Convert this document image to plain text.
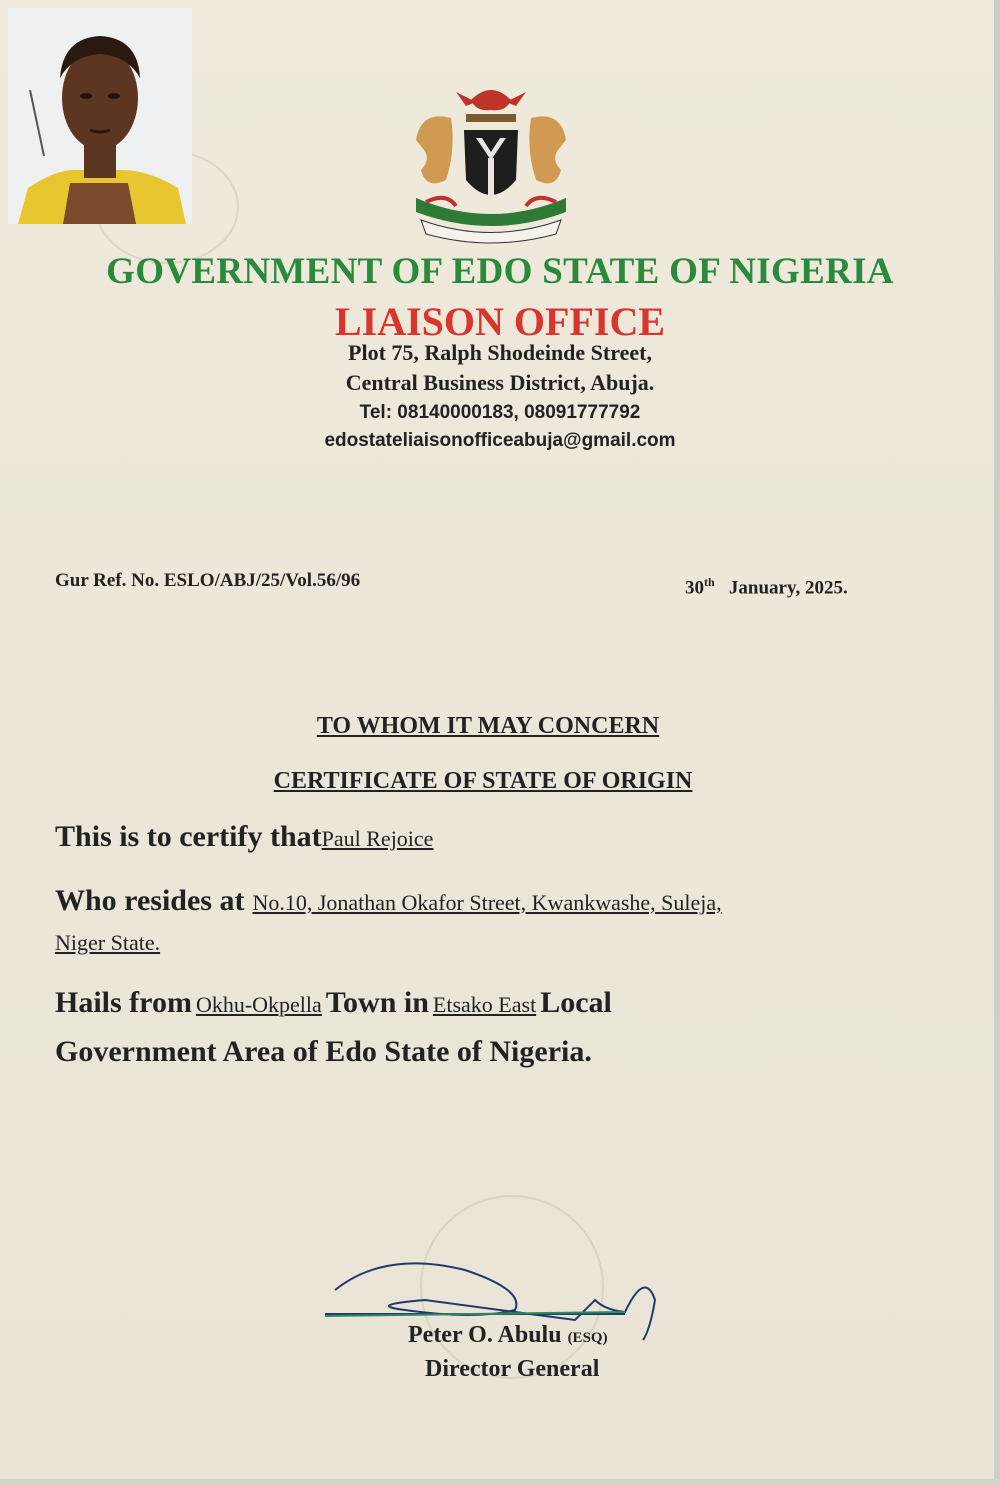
GOVERNMENT OF EDO STATE OF NIGERIA
LIAISON OFFICE
Plot 75, Ralph Shodeinde Street,
Central Business District, Abuja.
Tel: 08140000183, 08091777792
edostateliaisonofficeabuja@gmail.com
Gur Ref. No. ESLO/ABJ/25/Vol.56/96	30th January, 2025.
TO WHOM IT MAY CONCERN
CERTIFICATE OF STATE OF ORIGIN
This is to certify thatPaul Rejoice
Who resides at No.10, Jonathan Okafor Street, Kwankwashe, Suleja,
Niger State.
Hails from Okhu-Okpella Town in Etsako East Local
Government Area of Edo State of Nigeria.
Peter O. Abulu (ESQ)
Director General
